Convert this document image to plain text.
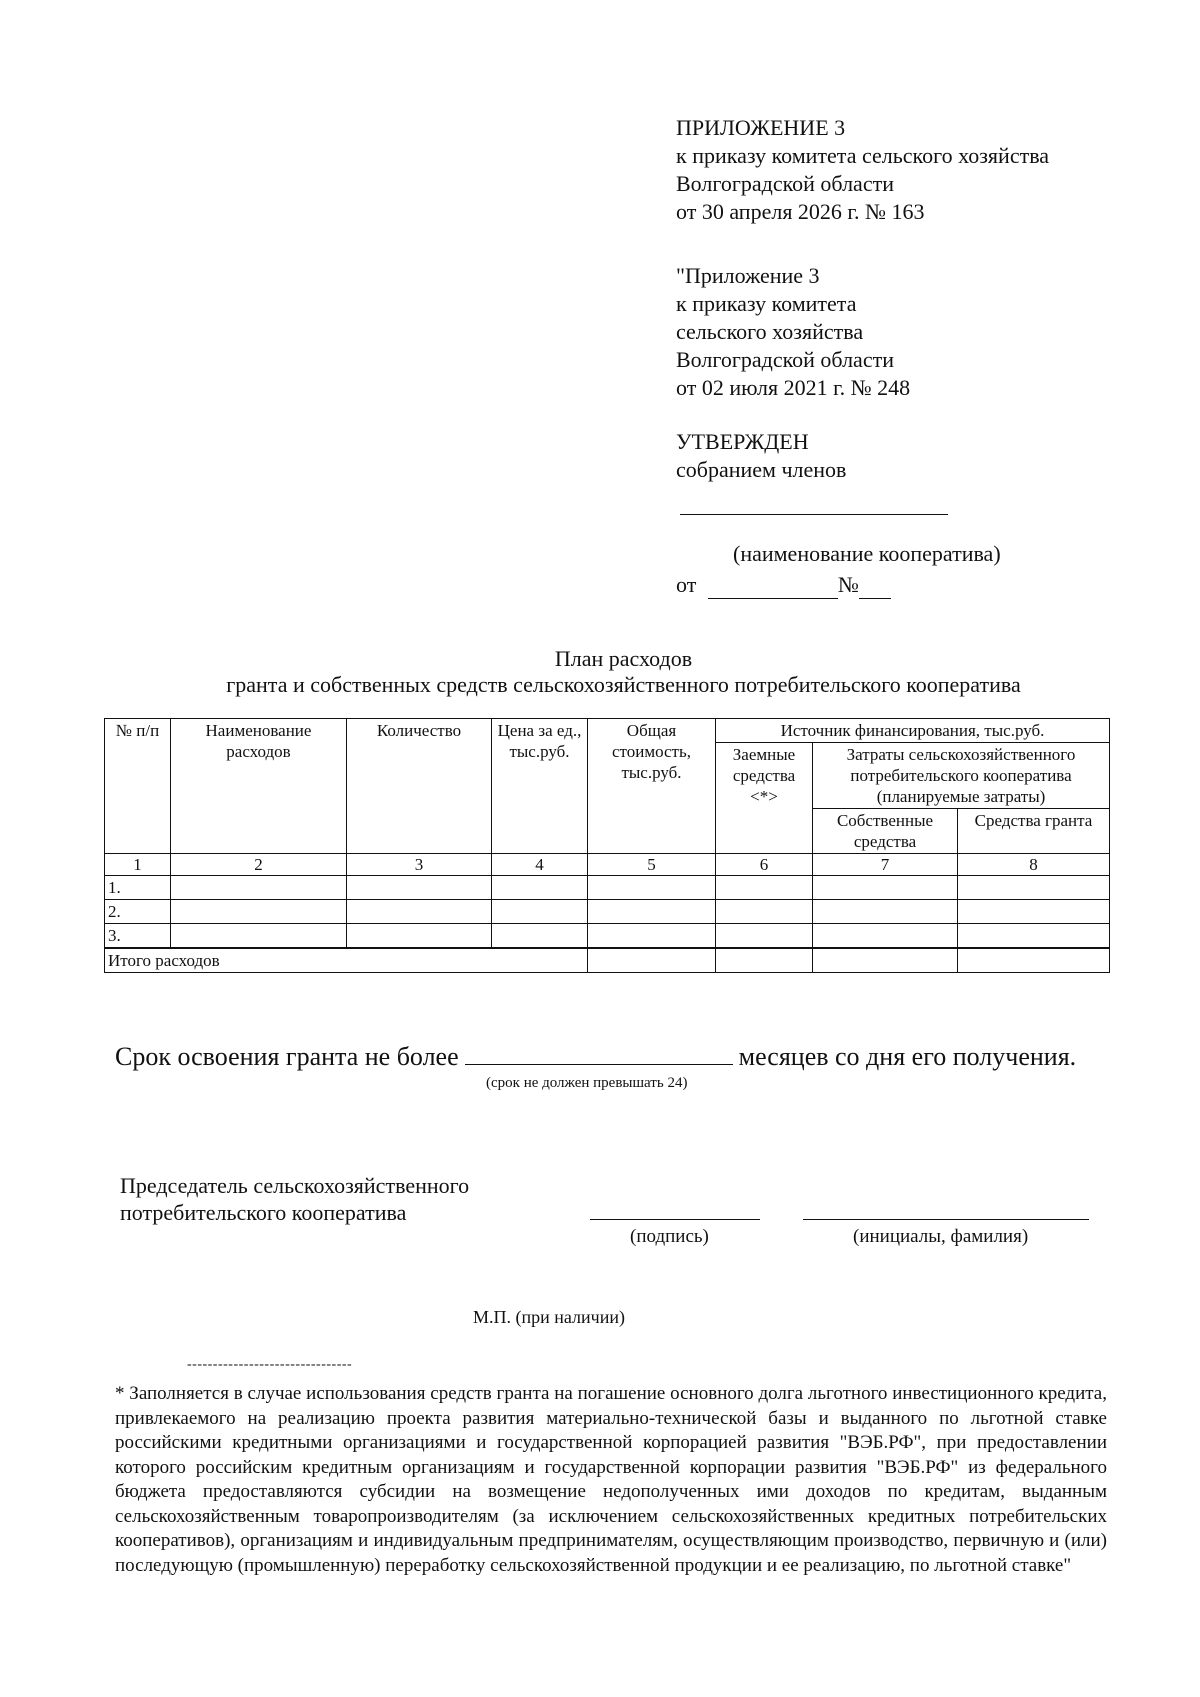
ПРИЛОЖЕНИЕ 3
к приказу комитета сельского хозяйства
Волгоградской области
от 30 апреля 2026 г. № 163
"Приложение 3
к приказу комитета
сельского хозяйства
Волгоградской области
от 02 июля 2021 г. № 248
УТВЕРЖДЕН
собранием членов
(наименование кооператива)
от	№
План расходов
гранта и собственных средств сельскохозяйственного потребительского кооператива
№ п/п	Наименование расходов	Количество	Цена за ед., тыс.руб.	Общая стоимость, тыс.руб.	Источник финансирования, тыс.руб.		
					Заемные средства <*>	Затраты сельскохозяйственного потребительского кооператива (планируемые затраты)	
						Собственные средства	Средства гранта
1	2	3	4	5	6	7	8
1.							
2.							
3.							
Итого расходов							
Срок освоения гранта не более	месяцев со дня его получения.
(срок не должен превышать 24)
Председатель сельскохозяйственного
потребительского кооператива
(подпись)	(инициалы, фамилия)
М.П. (при наличии)
--------------------------------
* Заполняется в случае использования средств гранта на погашение основного долга льготного инвестиционного кредита, привлекаемого на реализацию проекта развития материально-технической базы и выданного по льготной ставке российскими кредитными организациями и государственной корпорацией развития "ВЭБ.РФ", при предоставлении которого российским кредитным организациям и государственной корпорации развития "ВЭБ.РФ" из федерального бюджета предоставляются субсидии на возмещение недополученных ими доходов по кредитам, выданным сельскохозяйственным товаропроизводителям (за исключением сельскохозяйственных кредитных потребительских кооперативов), организациям и индивидуальным предпринимателям, осуществляющим производство, первичную и (или) последующую (промышленную) переработку сельскохозяйственной продукции и ее реализацию, по льготной ставке"
